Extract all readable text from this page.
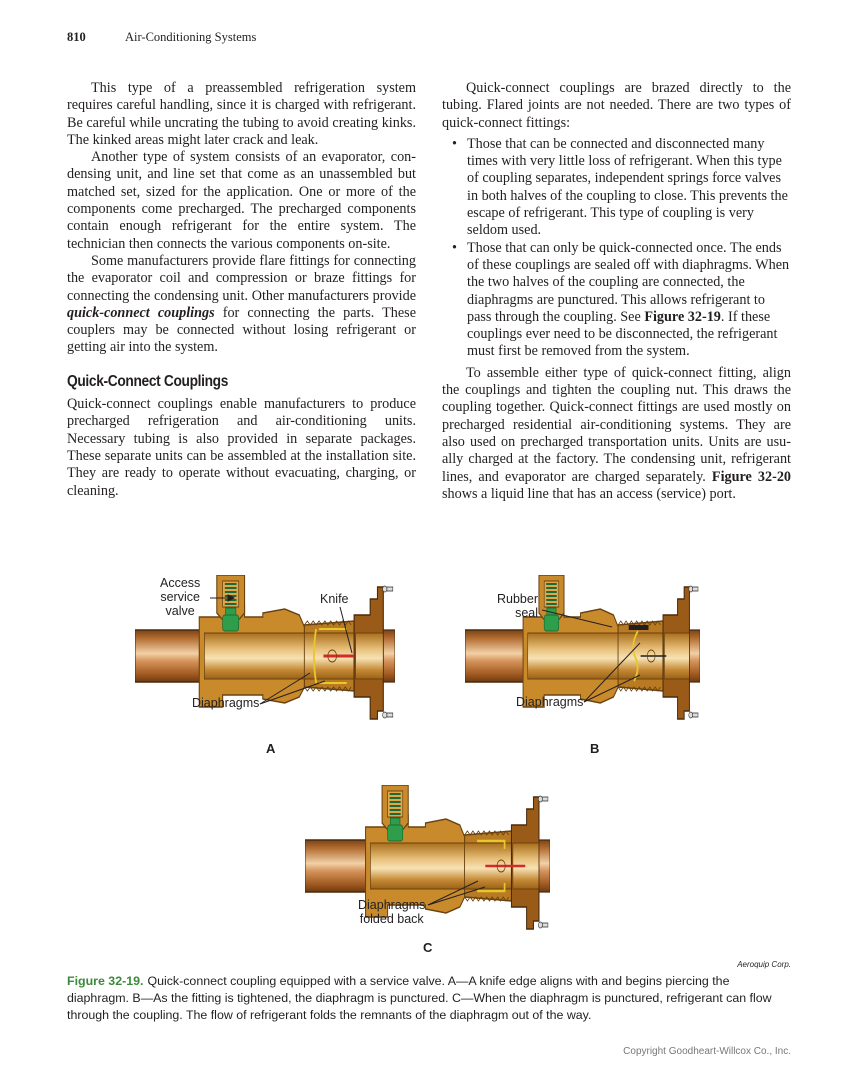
810	Air-Conditioning Systems

This type of a preassembled refrigeration system requires careful handling, since it is charged with refrigerant. Be careful while uncrating the tubing to avoid creating kinks. The kinked areas might later crack and leak.

Another type of system consists of an evaporator, condensing unit, and line set that come as an unassembled but matched set, sized for the application. One or more of the components come precharged. The precharged components contain enough refrigerant for the entire system. The technician then connects the various components on-site.

Some manufacturers provide flare fittings for connecting the evaporator coil and compression or braze fittings for connecting the condensing unit. Other manufacturers provide quick-connect couplings for connecting the parts. These couplers may be connected without losing refrigerant or getting air into the system.

Quick-Connect Couplings

Quick-connect couplings enable manufacturers to produce precharged refrigeration and air-conditioning units. Necessary tubing is also provided in separate packages. These separate units can be assembled at the installation site. They are ready to operate without evacuating, charging, or cleaning.

Quick-connect couplings are brazed directly to the tubing. Flared joints are not needed. There are two types of quick-connect fittings:

• Those that can be connected and disconnected many times with very little loss of refrigerant. When this type of coupling separates, independent springs force valves in both halves of the coupling to close. This prevents the escape of refrigerant. This type of coupling is very seldom used.
• Those that can only be quick-connected once. The ends of these couplings are sealed off with diaphragms. When the two halves of the coupling are connected, the diaphragms are punctured. This allows refrigerant to pass through the coupling. See Figure 32-19. If these couplings ever need to be disconnected, the refrigerant must first be removed from the system.

To assemble either type of quick-connect fitting, align the couplings and tighten the coupling nut. This draws the coupling together. Quick-connect fittings are used mostly on precharged residential air-conditioning systems. They are also used on precharged transportation units. Units are usually charged at the factory. The condensing unit, refrigerant lines, and evaporator are charged separately. Figure 32-20 shows a liquid line that has an access (service) port.

Access
service
valve
Knife
Diaphragms
A
Rubber
seal
Diaphragms
B
Diaphragms
folded back
C
Aeroquip Corp.
Figure 32-19. Quick-connect coupling equipped with a service valve. A—A knife edge aligns with and begins piercing the diaphragm. B—As the fitting is tightened, the diaphragm is punctured. C—When the diaphragm is punctured, refrigerant can flow through the coupling. The flow of refrigerant folds the remnants of the diaphragm out of the way.
Copyright Goodheart-Willcox Co., Inc.
